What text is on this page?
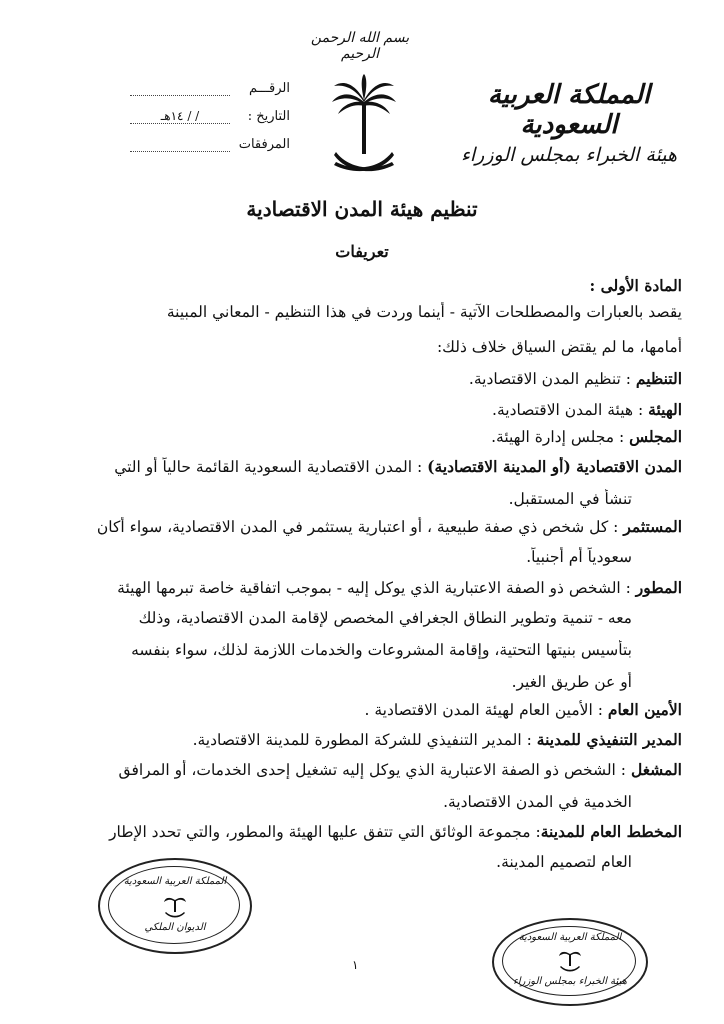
بسم الله الرحمن الرحيم
المملكة العربية السعودية
هيئة الخبراء بمجلس الوزراء
الرقـــم
التاريخ :
/ / ١٤هـ
المرفقات
تنظيم هيئة المدن الاقتصادية
تعريفات
المادة الأولى :
يقصد بالعبارات والمصطلحات الآتية - أينما وردت في هذا التنظيم - المعاني المبينة
أمامها، ما لم يقتض السياق خلاف ذلك:
التنظيم : تنظيم المدن الاقتصادية.
الهيئة : هيئة المدن الاقتصادية.
المجلس : مجلس إدارة الهيئة.
المدن الاقتصادية (أو المدينة الاقتصادية) : المدن الاقتصادية السعودية القائمة حالياً أو التي
تنشأ في المستقبل.
المستثمر : كل شخص ذي صفة طبيعية ، أو اعتبارية يستثمر في المدن الاقتصادية، سواء أكان
سعودياً أم أجنبياً.
المطور : الشخص ذو الصفة الاعتبارية الذي يوكل إليه - بموجب اتفاقية خاصة تبرمها الهيئة
معه - تنمية وتطوير النطاق الجغرافي المخصص لإقامة المدن الاقتصادية، وذلك
بتأسيس بنيتها التحتية، وإقامة المشروعات والخدمات اللازمة لذلك، سواء بنفسه
أو عن طريق الغير.
الأمين العام : الأمين العام لهيئة المدن الاقتصادية .
المدير التنفيذي للمدينة : المدير التنفيذي للشركة المطورة للمدينة الاقتصادية.
المشغل : الشخص ذو الصفة الاعتبارية الذي يوكل إليه تشغيل إحدى الخدمات، أو المرافق
الخدمية في المدن الاقتصادية.
المخطط العام للمدينة: مجموعة الوثائق التي تتفق عليها الهيئة والمطور، والتي تحدد الإطار
العام لتصميم المدينة.
المملكة العربية السعودية
الديوان الملكي
المملكة العربية السعودية
هيئة الخبراء بمجلس الوزراء
١
